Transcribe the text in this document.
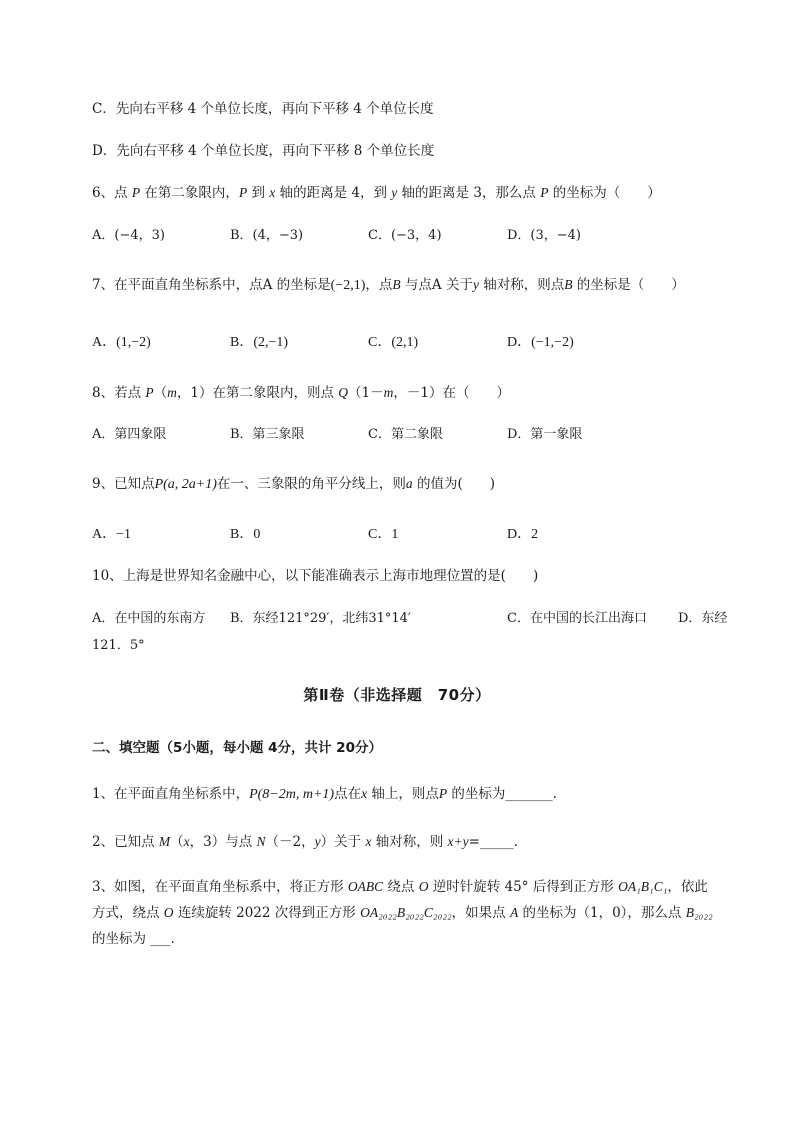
C．先向右平移 4 个单位长度，再向下平移 4 个单位长度
D．先向右平移 4 个单位长度，再向下平移 8 个单位长度
6、点 P 在第二象限内，P 到 x 轴的距离是 4，到 y 轴的距离是 3，那么点 P 的坐标为（　　）
A．(−4，3)	B．(4，−3)	C．(−3，4)	D．(3，−4)
7、在平面直角坐标系中，点A 的坐标是(−2,1)，点B 与点A 关于y 轴对称，则点B 的坐标是（　　）
A．(1,−2)	B．(2,−1)	C．(2,1)	D．(−1,−2)
8、若点 P（m，1）在第二象限内，则点 Q（1－m，－1）在（　　）
A．第四象限	B．第三象限	C．第二象限	D．第一象限
9、已知点P(a, 2a+1)在一、三象限的角平分线上，则a 的值为(　　)
A．−1	B．0	C．1	D．2
10、上海是世界知名金融中心，以下能准确表示上海市地理位置的是(　　)
A．在中国的东南方 B．东经121°29′，北纬31°14′	C．在中国的长江出海口 D．东经
121．5°
第Ⅱ卷（非选择题　70分）
二、填空题（5小题，每小题 4分，共计 20分）
1、在平面直角坐标系中，P(8−2m, m+1)点在x 轴上，则点P 的坐标为_______.
2、已知点 M（x，3）与点 N（－2，y）关于 x 轴对称，则 x+y=_____.
3、如图，在平面直角坐标系中，将正方形 OABC 绕点 O 逆时针旋转 45° 后得到正方形 OA₁B₁C₁，依此
方式，绕点 O 连续旋转 2022 次得到正方形 OA₂₀₂₂B₂₀₂₂C₂₀₂₂，如果点 A 的坐标为（1，0），那么点 B₂₀₂₂
的坐标为 ___.
